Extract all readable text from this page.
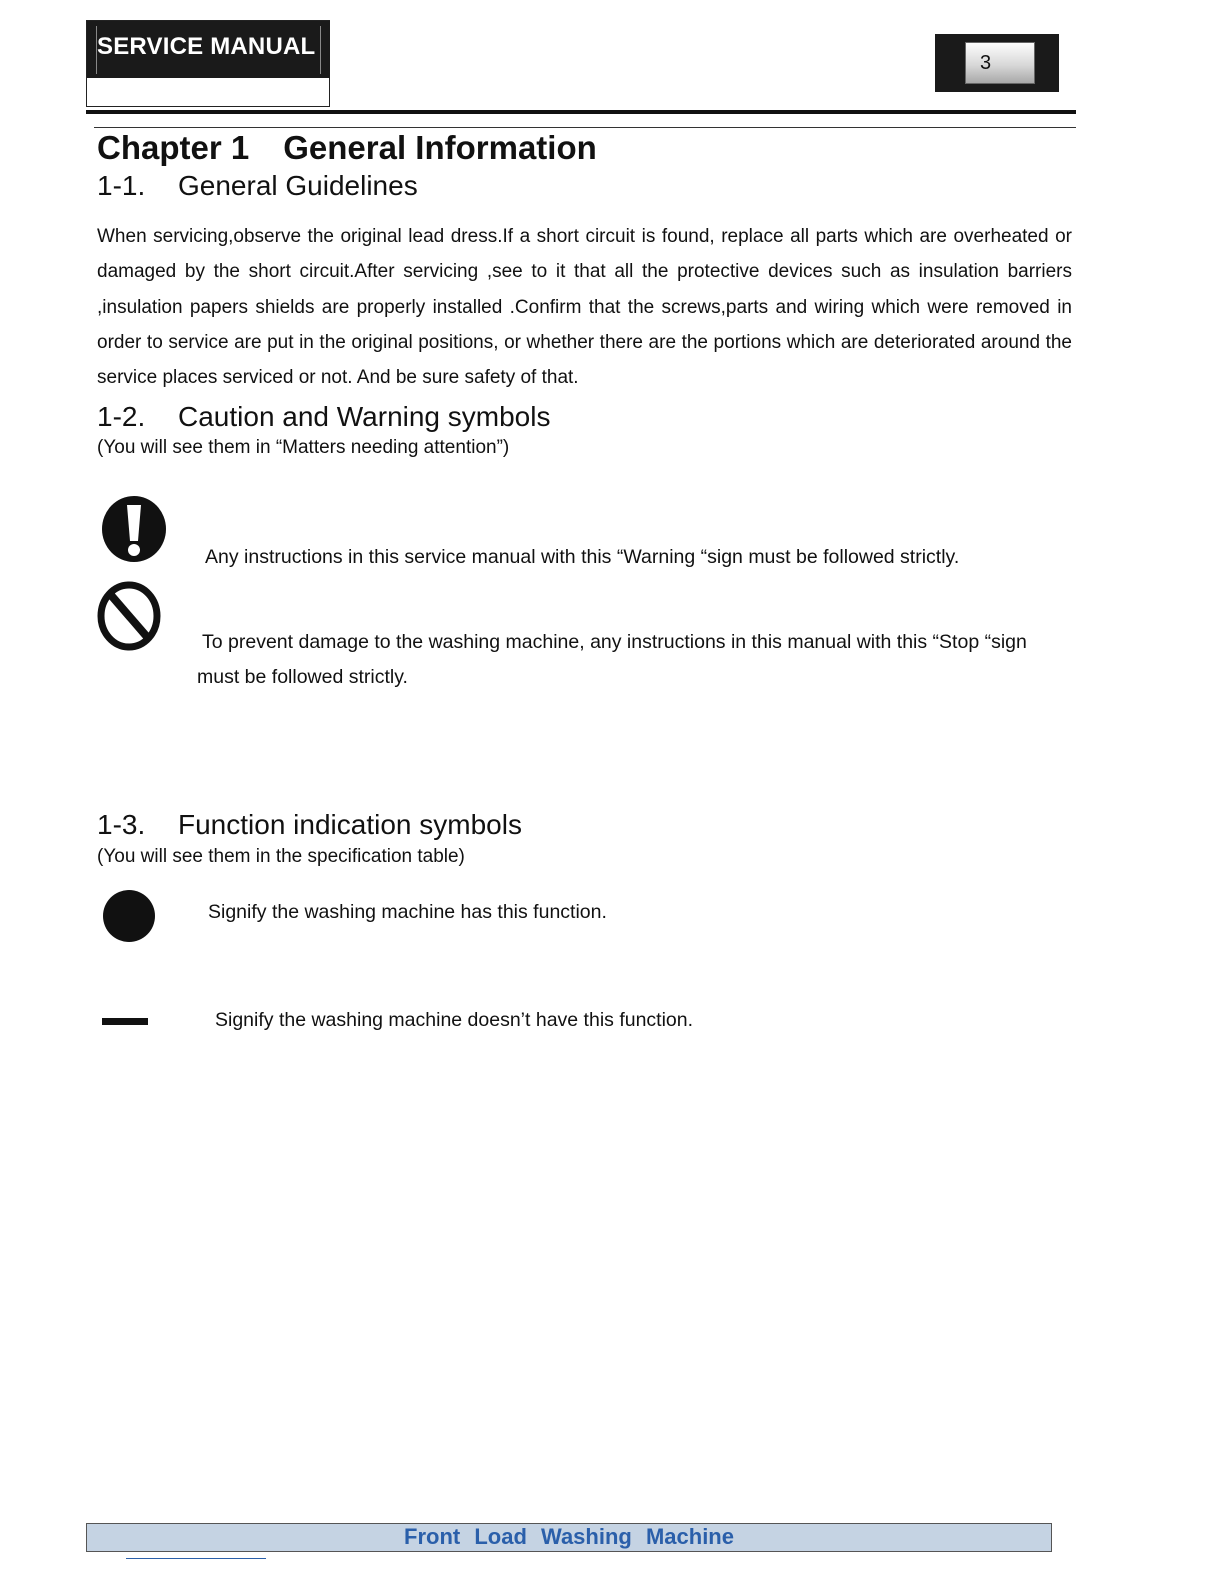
SERVICE MANUAL
3
Chapter 1 General Information
1-1. General Guidelines
When servicing,observe the original lead dress.If a short circuit is found, replace all parts which are overheated or damaged by the short circuit.After servicing ,see to it that all the protective devices such as insulation barriers ,insulation papers shields are properly installed .Confirm that the screws,parts and wiring which were removed in order to service are put in the original positions, or whether there are the portions which are deteriorated around the service places serviced or not. And be sure safety of that.
1-2. Caution and Warning symbols
(You will see them in “Matters needing attention”)
Any instructions in this service manual with this “Warning “sign must be followed strictly.
To prevent damage to the washing machine, any instructions in this manual with this “Stop “sign
must be followed strictly.
1-3. Function indication symbols
(You will see them in the specification table)
Signify the washing machine has this function.
Signify the washing machine doesn’t have this function.
Front Load Washing Machine
